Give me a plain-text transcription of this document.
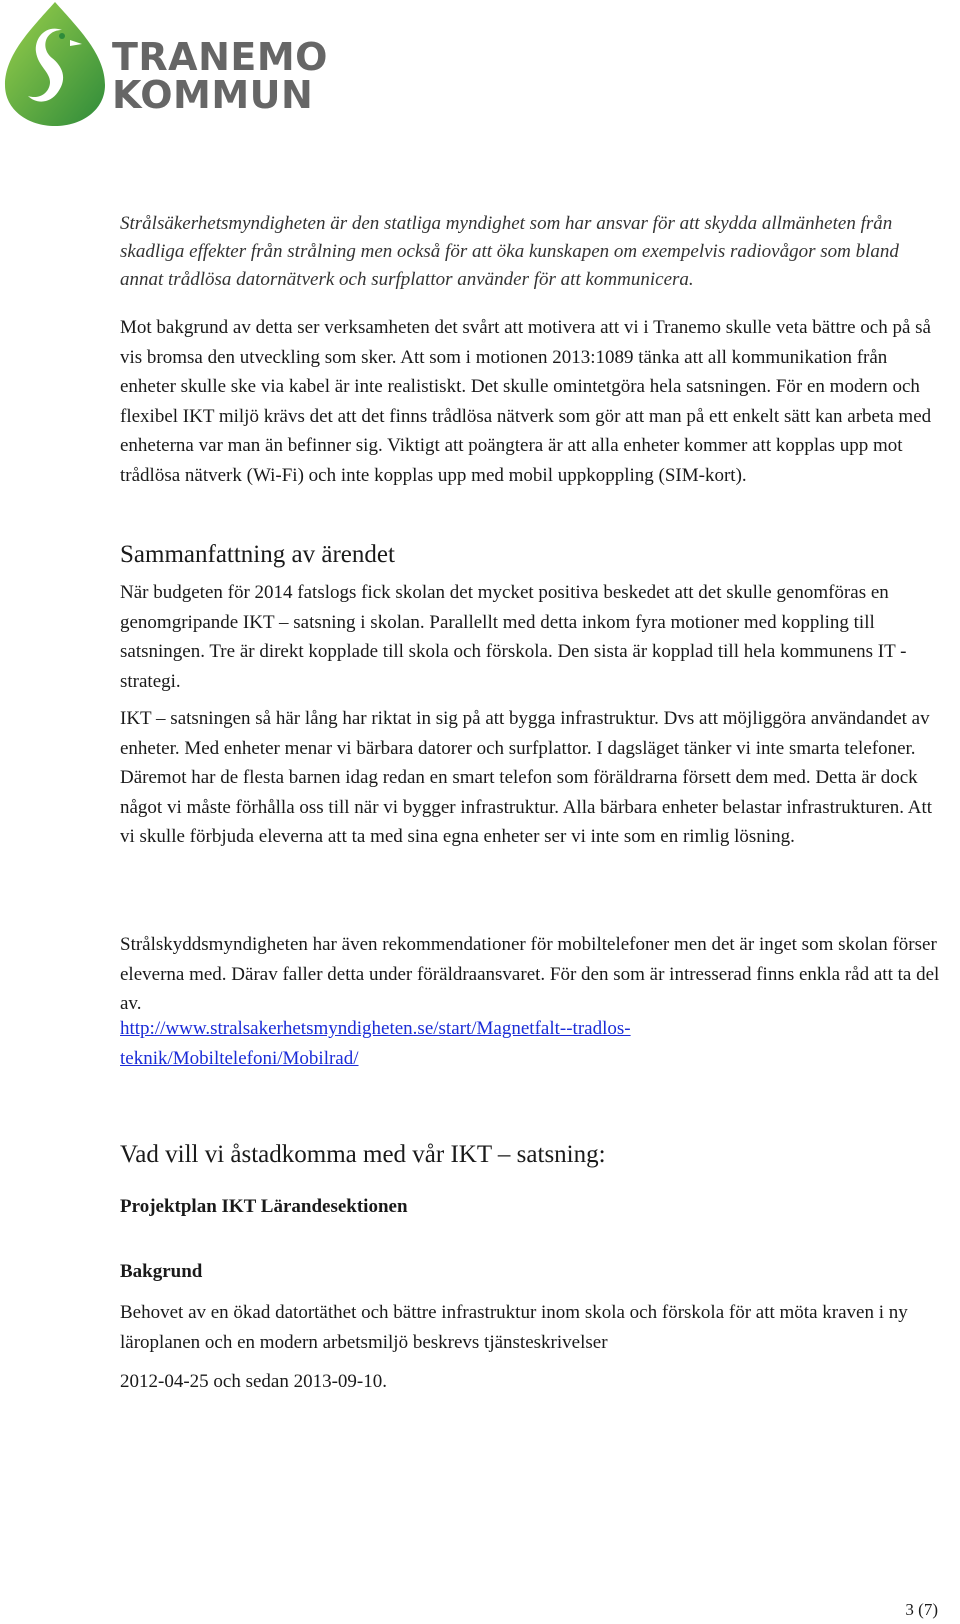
TRANEMO
KOMMUN

Strålsäkerhetsmyndigheten är den statliga myndighet som har ansvar för att skydda allmänheten från skadliga effekter från strålning men också för att öka kunskapen om exempelvis radiovågor som bland annat trådlösa datornätverk och surfplattor använder för att kommunicera.

Mot bakgrund av detta ser verksamheten det svårt att motivera att vi i Tranemo skulle veta bättre och på så vis bromsa den utveckling som sker. Att som i motionen 2013:1089 tänka att all kommunikation från enheter skulle ske via kabel är inte realistiskt. Det skulle omintetgöra hela satsningen. För en modern och flexibel IKT miljö krävs det att det finns trådlösa nätverk som gör att man på ett enkelt sätt kan arbeta med enheterna var man än befinner sig. Viktigt att poängtera är att alla enheter kommer att kopplas upp mot trådlösa nätverk (Wi-Fi) och inte kopplas upp med mobil uppkoppling (SIM-kort).

Sammanfattning av ärendet

När budgeten för 2014 fatslogs fick skolan det mycket positiva beskedet att det skulle genomföras en genomgripande IKT – satsning i skolan. Parallellt med detta inkom fyra motioner med koppling till satsningen. Tre är direkt kopplade till skola och förskola. Den sista är kopplad till hela kommunens IT - strategi.

IKT – satsningen så här lång har riktat in sig på att bygga infrastruktur. Dvs att möjliggöra användandet av enheter. Med enheter menar vi bärbara datorer och surfplattor. I dagsläget tänker vi inte smarta telefoner. Däremot har de flesta barnen idag redan en smart telefon som föräldrarna försett dem med. Detta är dock något vi måste förhålla oss till när vi bygger infrastruktur. Alla bärbara enheter belastar infrastrukturen. Att vi skulle förbjuda eleverna att ta med sina egna enheter ser vi inte som en rimlig lösning.

Strålskyddsmyndigheten har även rekommendationer för mobiltelefoner men det är inget som skolan förser eleverna med. Därav faller detta under föräldraansvaret. För den som är intresserad finns enkla råd att ta del av.

http://www.stralsakerhetsmyndigheten.se/start/Magnetfalt--tradlos-teknik/Mobiltelefoni/Mobilrad/

Vad vill vi åstadkomma med vår IKT – satsning:
Projektplan IKT Lärandesektionen
Bakgrund

Behovet av en ökad datortäthet och bättre infrastruktur inom skola och förskola för att möta kraven i ny läroplanen och en modern arbetsmiljö beskrevs tjänsteskrivelser

2012-04-25 och sedan 2013-09-10.

3 (7)
